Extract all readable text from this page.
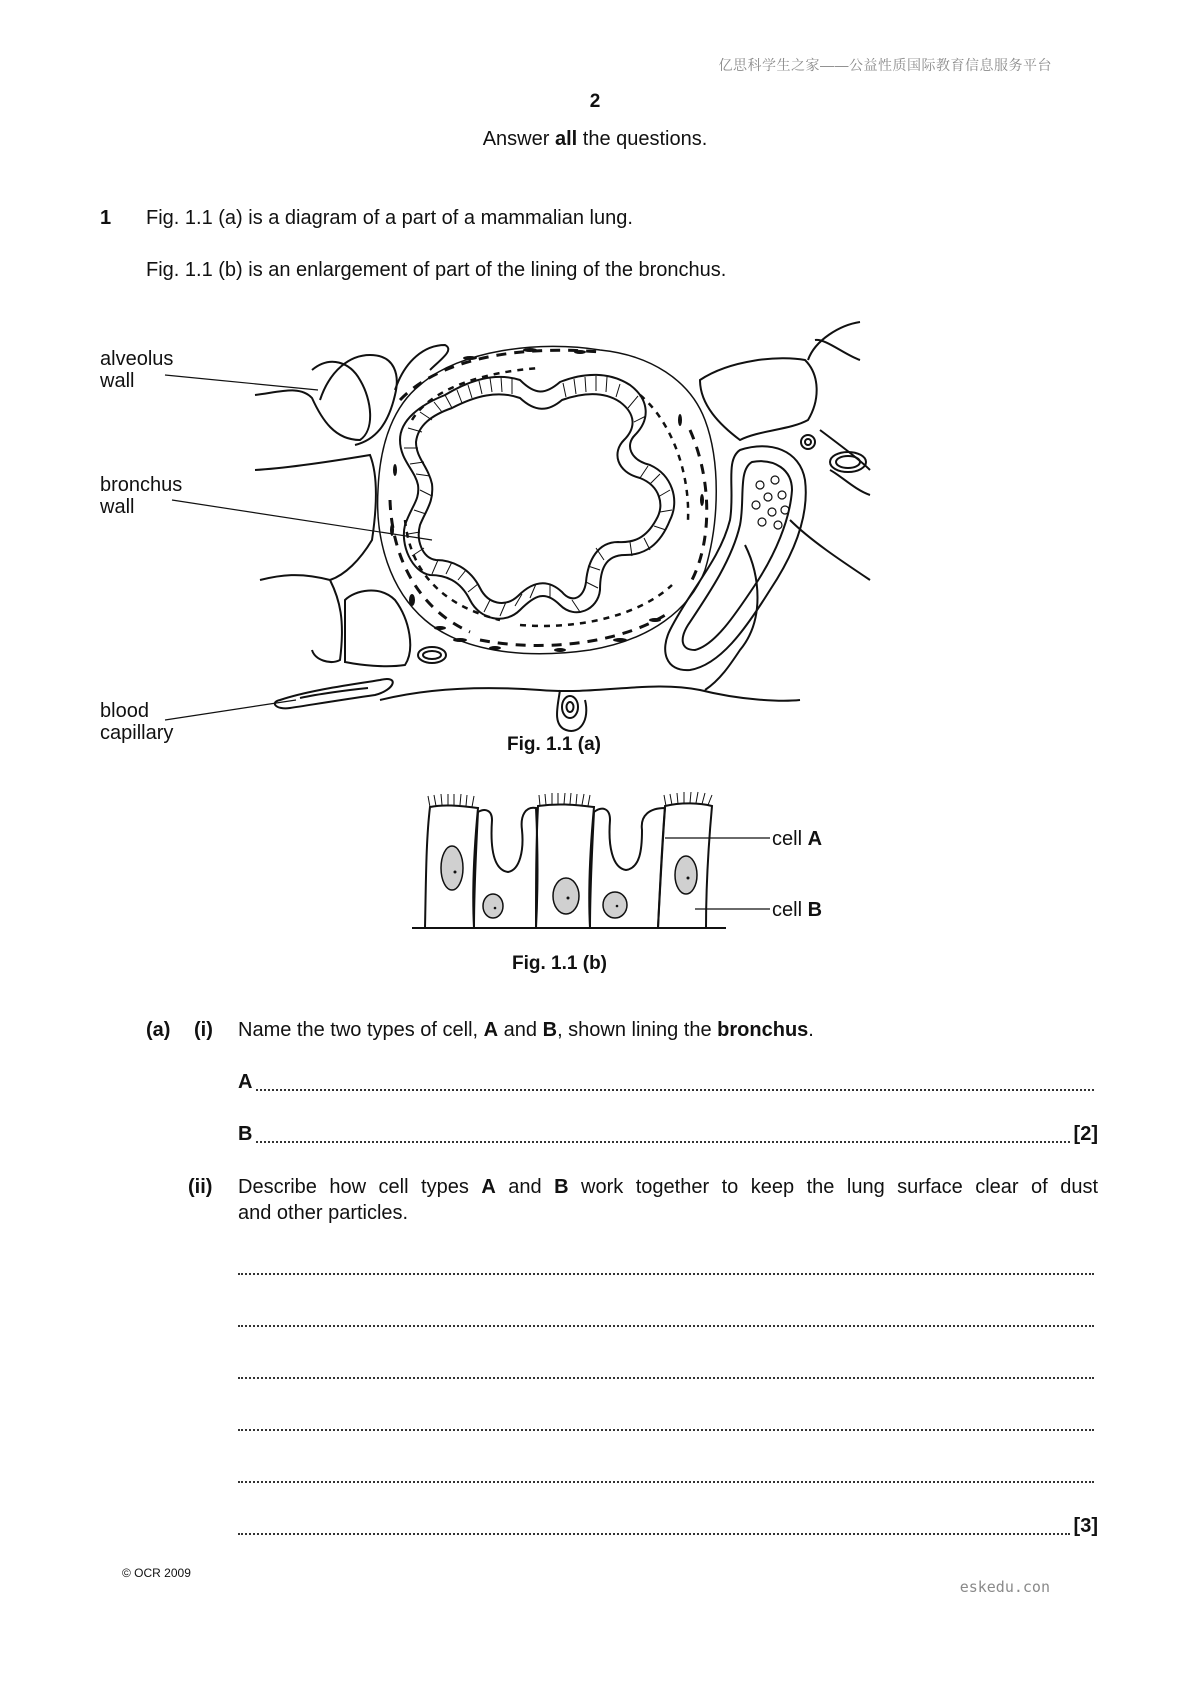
亿思科学生之家——公益性质国际教育信息服务平台
2
Answer all the questions.
1 Fig. 1.1 (a) is a diagram of a part of a mammalian lung.
Fig. 1.1 (b) is an enlargement of part of the lining of the bronchus.
alveolus
wall
bronchus
wall
blood
capillary
Fig. 1.1 (a)
cell A
cell B
Fig. 1.1 (b)
(a) (i) Name the two types of cell, A and B, shown lining the bronchus.
A
B	[2]
(ii) Describe how cell types A and B work together to keep the lung surface clear of dust
and other particles.
[3]
© OCR 2009
eskedu.con
